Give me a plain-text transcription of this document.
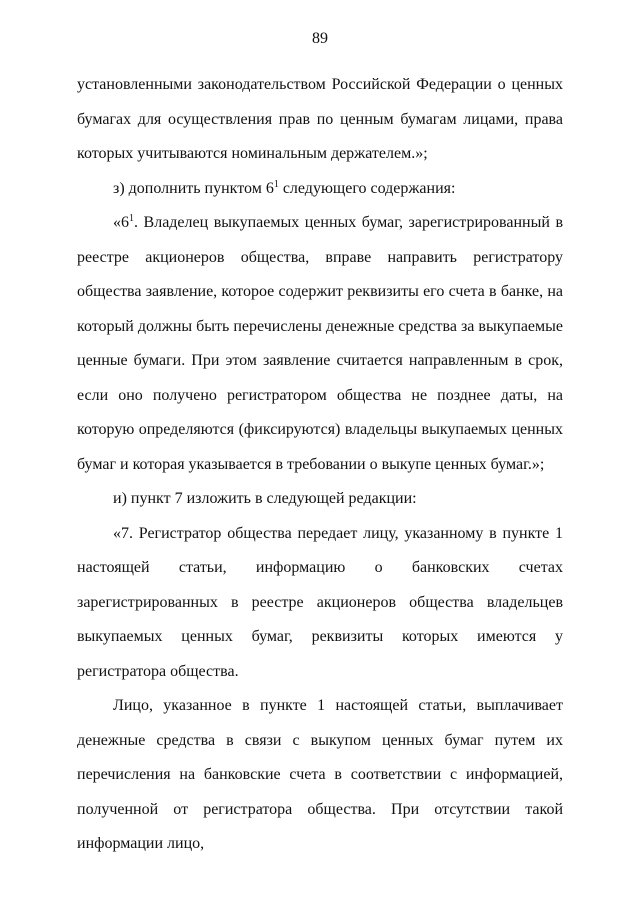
89

установленными законодательством Российской Федерации о ценных бумагах для осуществления прав по ценным бумагам лицами, права которых учитываются номинальным держателем.»;

з) дополнить пунктом $6^1$ следующего содержания:

«$6^1$. Владелец выкупаемых ценных бумаг, зарегистрированный в реестре акционеров общества, вправе направить регистратору общества заявление, которое содержит реквизиты его счета в банке, на который должны быть перечислены денежные средства за выкупаемые ценные бумаги. При этом заявление считается направленным в срок, если оно получено регистратором общества не позднее даты, на которую определяются (фиксируются) владельцы выкупаемых ценных бумаг и которая указывается в требовании о выкупе ценных бумаг.»;

и) пункт 7 изложить в следующей редакции:

«7. Регистратор общества передает лицу, указанному в пункте 1 настоящей статьи, информацию о банковских счетах зарегистрированных в реестре акционеров общества владельцев выкупаемых ценных бумаг, реквизиты которых имеются у регистратора общества.

Лицо, указанное в пункте 1 настоящей статьи, выплачивает денежные средства в связи с выкупом ценных бумаг путем их перечисления на банковские счета в соответствии с информацией, полученной от регистратора общества. При отсутствии такой информации лицо,
